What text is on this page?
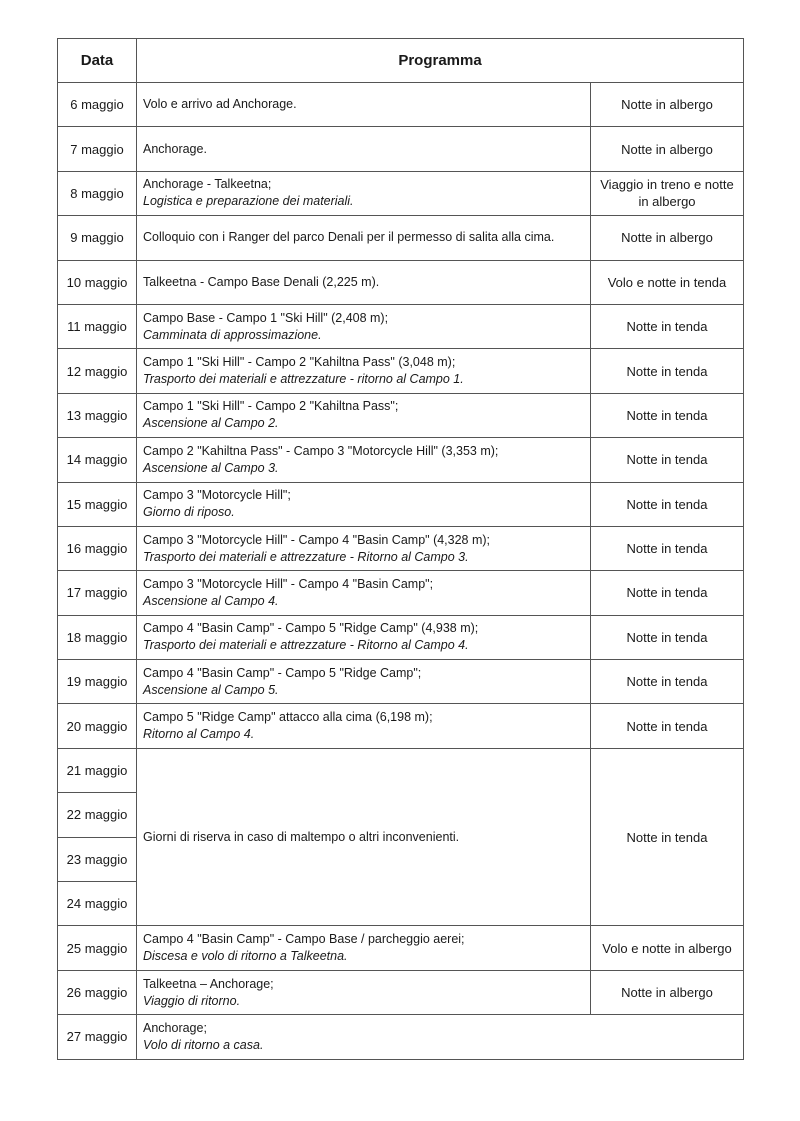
Data	Programma	
6 maggio	Volo e arrivo ad Anchorage.	Notte in albergo
7 maggio	Anchorage.	Notte in albergo
8 maggio	Anchorage - Talkeetna;
Logistica e preparazione dei materiali.	Viaggio in treno e notte in albergo
9 maggio	Colloquio con i Ranger del parco Denali per il permesso di salita alla cima.	Notte in albergo
10 maggio	Talkeetna - Campo Base Denali (2,225 m).	Volo e notte in tenda
11 maggio	Campo Base - Campo 1 "Ski Hill" (2,408 m);
Camminata di approssimazione.	Notte in tenda
12 maggio	Campo 1 "Ski Hill" - Campo 2 "Kahiltna Pass" (3,048 m);
Trasporto dei materiali e attrezzature - ritorno al Campo 1.	Notte in tenda
13 maggio	Campo 1 "Ski Hill" - Campo 2 "Kahiltna Pass";
Ascensione al Campo 2.	Notte in tenda
14 maggio	Campo 2 "Kahiltna Pass" - Campo 3 "Motorcycle Hill" (3,353 m);
Ascensione al Campo 3.	Notte in tenda
15 maggio	Campo 3 "Motorcycle Hill";
Giorno di riposo.	Notte in tenda
16 maggio	Campo 3 "Motorcycle Hill" - Campo 4 "Basin Camp" (4,328 m);
Trasporto dei materiali e attrezzature - Ritorno al Campo 3.	Notte in tenda
17 maggio	Campo 3 "Motorcycle Hill" - Campo 4 "Basin Camp";
Ascensione al Campo 4.	Notte in tenda
18 maggio	Campo 4 "Basin Camp" - Campo 5 "Ridge Camp" (4,938 m);
Trasporto dei materiali e attrezzature - Ritorno al Campo 4.	Notte in tenda
19 maggio	Campo 4 "Basin Camp" - Campo 5 "Ridge Camp";
Ascensione al Campo 5.	Notte in tenda
20 maggio	Campo 5 "Ridge Camp" attacco alla cima (6,198 m);
Ritorno al Campo 4.	Notte in tenda
21 maggio	Giorni di riserva in caso di maltempo o altri inconvenienti.	Notte in tenda
22 maggio		
23 maggio		
24 maggio		
25 maggio	Campo 4 "Basin Camp" - Campo Base / parcheggio aerei;
Discesa e volo di ritorno a Talkeetna.	Volo e notte in albergo
26 maggio	Talkeetna – Anchorage;
Viaggio di ritorno.	Notte in albergo
27 maggio	Anchorage;
Volo di ritorno a casa.	
